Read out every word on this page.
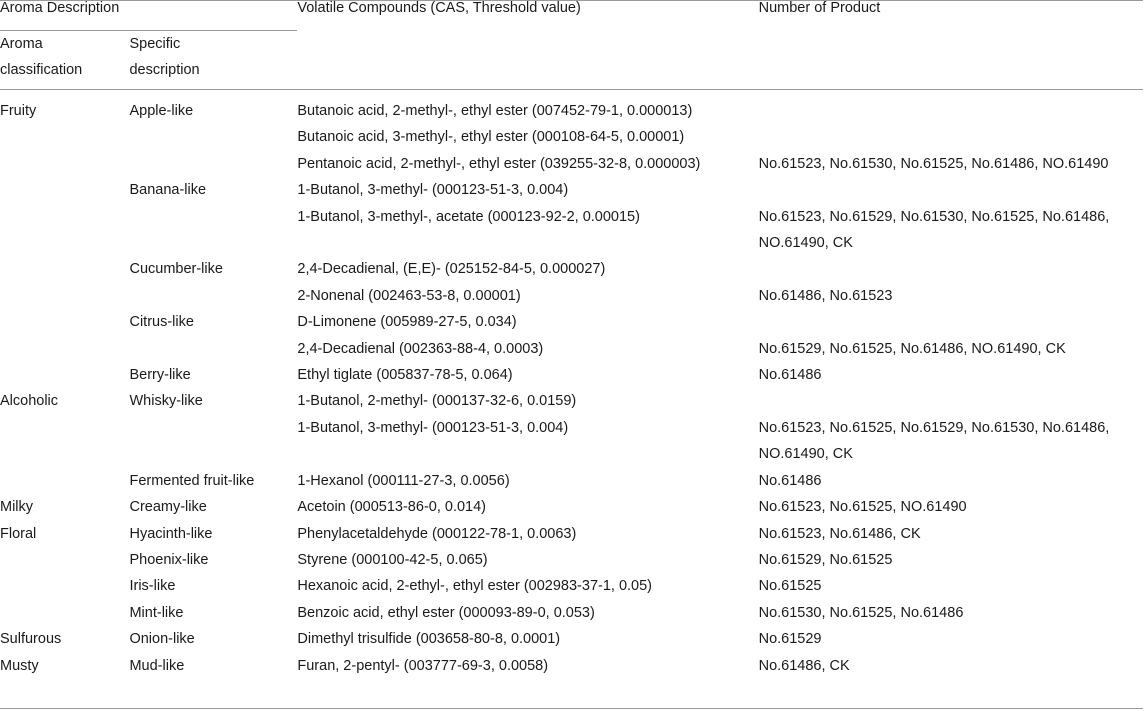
Aroma Description		Volatile Compounds (CAS, Threshold value)	Number of Product
Aroma classification	Specific description		
Fruity	Apple-like	Butanoic acid, 2-methyl-, ethyl ester (007452-79-1, 0.000013)	
		Butanoic acid, 3-methyl-, ethyl ester (000108-64-5, 0.00001)	
		Pentanoic acid, 2-methyl-, ethyl ester (039255-32-8, 0.000003)	No.61523, No.61530, No.61525, No.61486, NO.61490
	Banana-like	1-Butanol, 3-methyl- (000123-51-3, 0.004)	
		1-Butanol, 3-methyl-, acetate (000123-92-2, 0.00015)	No.61523, No.61529, No.61530, No.61525, No.61486, NO.61490, CK
	Cucumber-like	2,4-Decadienal, (E,E)- (025152-84-5, 0.000027)	
		2-Nonenal (002463-53-8, 0.00001)	No.61486, No.61523
	Citrus-like	D-Limonene (005989-27-5, 0.034)	
		2,4-Decadienal (002363-88-4, 0.0003)	No.61529, No.61525, No.61486, NO.61490, CK
	Berry-like	Ethyl tiglate (005837-78-5, 0.064)	No.61486
Alcoholic	Whisky-like	1-Butanol, 2-methyl- (000137-32-6, 0.0159)	
		1-Butanol, 3-methyl- (000123-51-3, 0.004)	No.61523, No.61525, No.61529, No.61530, No.61486, NO.61490, CK
	Fermented fruit-like	1-Hexanol (000111-27-3, 0.0056)	No.61486
Milky	Creamy-like	Acetoin (000513-86-0, 0.014)	No.61523, No.61525, NO.61490
Floral	Hyacinth-like	Phenylacetaldehyde (000122-78-1, 0.0063)	No.61523, No.61486, CK
	Phoenix-like	Styrene (000100-42-5, 0.065)	No.61529, No.61525
	Iris-like	Hexanoic acid, 2-ethyl-, ethyl ester (002983-37-1, 0.05)	No.61525
	Mint-like	Benzoic acid, ethyl ester (000093-89-0, 0.053)	No.61530, No.61525, No.61486
Sulfurous	Onion-like	Dimethyl trisulfide (003658-80-8, 0.0001)	No.61529
Musty	Mud-like	Furan, 2-pentyl- (003777-69-3, 0.0058)	No.61486, CK
